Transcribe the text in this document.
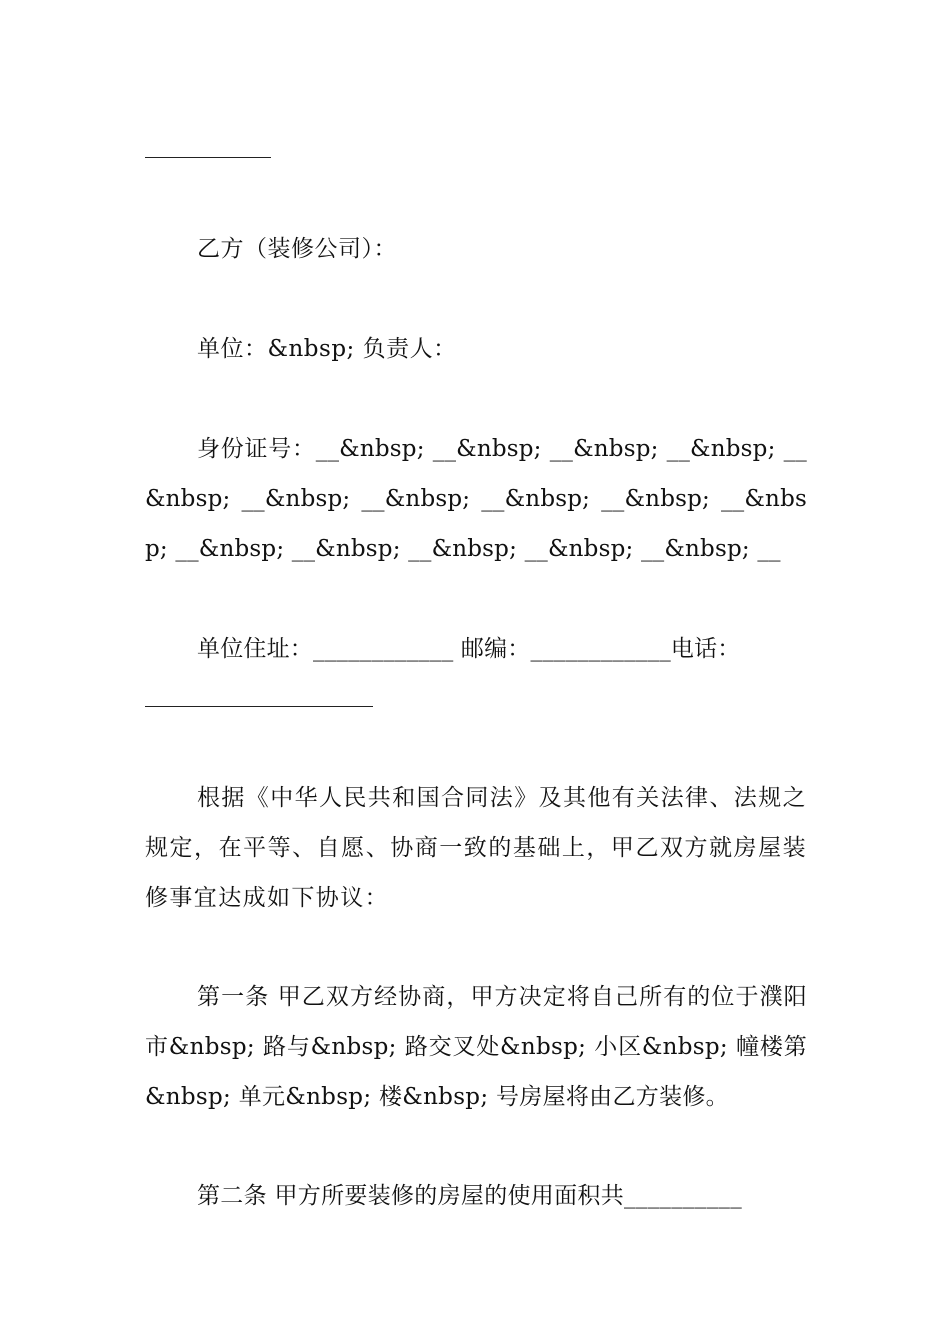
乙方（装修公司）：

单位：&nbsp; 负责人：

身份证号：__&nbsp; __&nbsp; __&nbsp; __&nbsp; __&nbsp; __&nbsp; __&nbsp; __&nbsp; __&nbsp; __&nbsp; __&nbsp; __&nbsp; __&nbsp; __&nbsp; __&nbsp; __

单位住址：____________ 邮编：____________电话：

根据《中华人民共和国合同法》及其他有关法律、法规之规定，在平等、自愿、协商一致的基础上，甲乙双方就房屋装修事宜达成如下协议：

第一条 甲乙双方经协商，甲方决定将自己所有的位于濮阳市&nbsp; 路与&nbsp; 路交叉处&nbsp; 小区&nbsp; 幢楼第&nbsp; 单元&nbsp; 楼&nbsp; 号房屋将由乙方装修。

第二条 甲方所要装修的房屋的使用面积共__________
